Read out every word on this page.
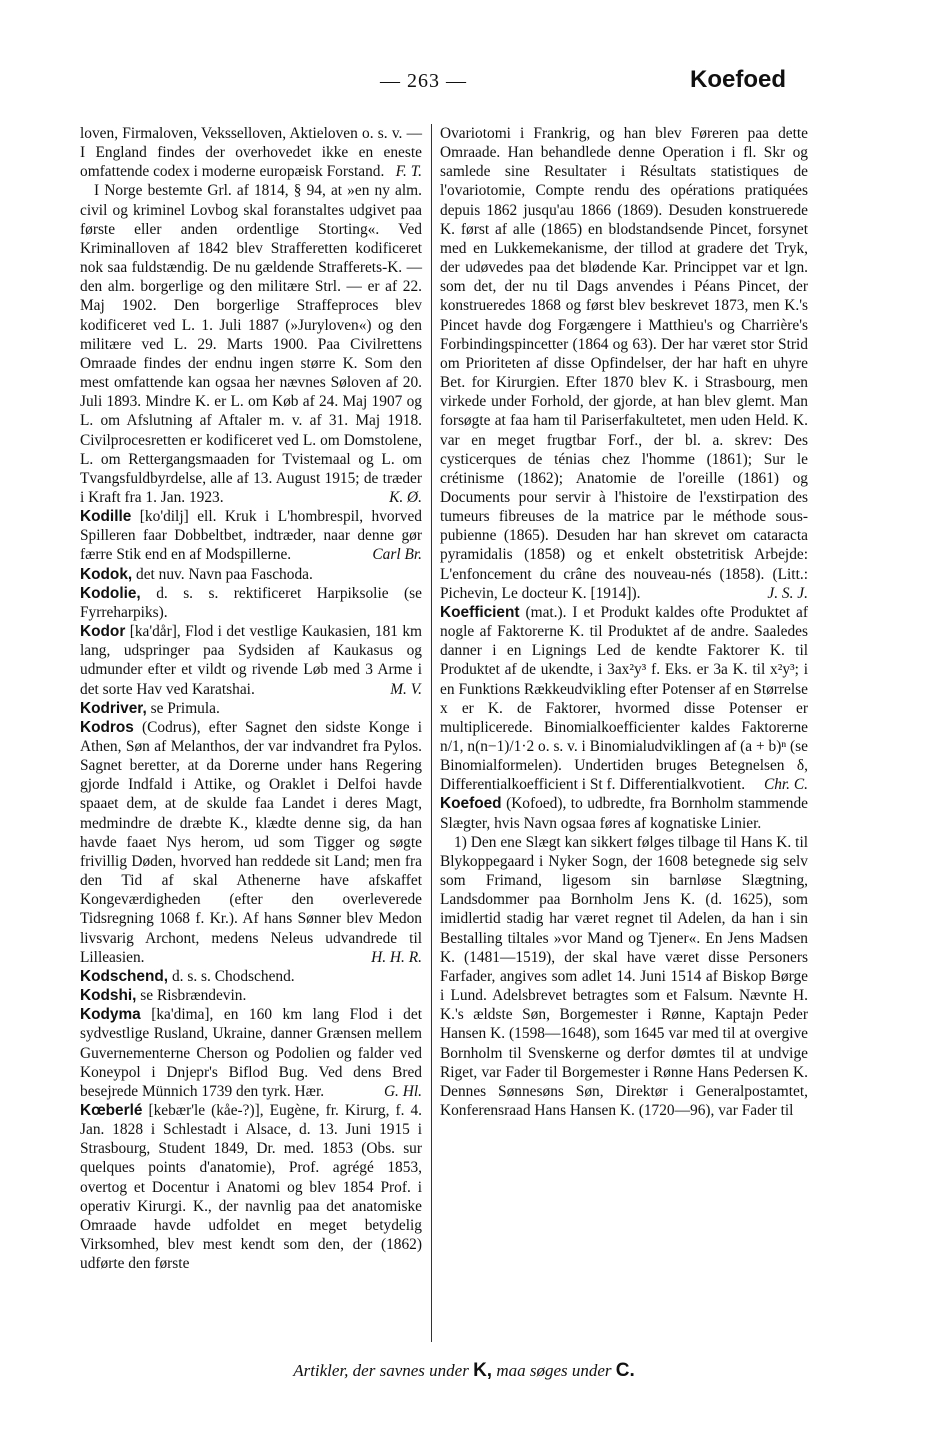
— 263 —	Koefoed

loven, Firmaloven, Veksselloven, Aktieloven o. s. v. — I England findes der overhovedet ikke en eneste omfattende codex i moderne europæisk Forstand. F. T.

I Norge bestemte Grl. af 1814, § 94, at »en ny alm. civil og kriminel Lovbog skal foranstaltes udgivet paa første eller anden ordentlige Storting«. Ved Kriminalloven af 1842 blev Strafferetten kodificeret nok saa fuldstændig. De nu gældende Strafferets-K. — den alm. borgerlige og den militære Strl. — er af 22. Maj 1902. Den borgerlige Straffeproces blev kodificeret ved L. 1. Juli 1887 (»Juryloven«) og den militære ved L. 29. Marts 1900. Paa Civilrettens Omraade findes der endnu ingen større K. Som den mest omfattende kan ogsaa her nævnes Søloven af 20. Juli 1893. Mindre K. er L. om Køb af 24. Maj 1907 og L. om Afslutning af Aftaler m. v. af 31. Maj 1918. Civilprocesretten er kodificeret ved L. om Domstolene, L. om Rettergangsmaaden for Tvistemaal og L. om Tvangsfuldbyrdelse, alle af 13. August 1915; de træder i Kraft fra 1. Jan. 1923.	K. Ø.

Kodille [ko'dilj] ell. Kruk i L'hombrespil, hvorved Spilleren faar Dobbeltbet, indtræder, naar denne gør færre Stik end en af Modspillerne.	Carl Br.

Kodok, det nuv. Navn paa Faschoda.

Kodolie, d. s. s. rektificeret Harpiksolie (se Fyrreharpiks).

Kodor [ka'dår], Flod i det vestlige Kaukasien, 181 km lang, udspringer paa Sydsiden af Kaukasus og udmunder efter et vildt og rivende Løb med 3 Arme i det sorte Hav ved Karatshai.	M. V.

Kodriver, se Primula.

Kodros (Codrus), efter Sagnet den sidste Konge i Athen, Søn af Melanthos, der var indvandret fra Pylos. Sagnet beretter, at da Dorerne under hans Regering gjorde Indfald i Attike, og Oraklet i Delfoi havde spaaet dem, at de skulde faa Landet i deres Magt, medmindre de dræbte K., klædte denne sig, da han havde faaet Nys herom, ud som Tigger og søgte frivillig Døden, hvorved han reddede sit Land; men fra den Tid af skal Athenerne have afskaffet Kongeværdigheden (efter den overleverede Tidsregning 1068 f. Kr.). Af hans Sønner blev Medon livsvarig Archont, medens Neleus udvandrede til Lilleasien.	H. H. R.

Kodschend, d. s. s. Chodschend.

Kodshi, se Risbrændevin.

Kodyma [ka'dima], en 160 km lang Flod i det sydvestlige Rusland, Ukraine, danner Grænsen mellem Guvernementerne Cherson og Podolien og falder ved Koneypol i Dnjepr's Biflod Bug. Ved dens Bred besejrede Münnich 1739 den tyrk. Hær.	G. Hl.

Kœberlé [kebær'le (kåe-?)], Eugène, fr. Kirurg, f. 4. Jan. 1828 i Schlestadt i Alsace, d. 13. Juni 1915 i Strasbourg, Student 1849, Dr. med. 1853 (Obs. sur quelques points d'anatomie), Prof. agrégé 1853, overtog et Docentur i Anatomi og blev 1854 Prof. i operativ Kirurgi. K., der navnlig paa det anatomiske Omraade havde udfoldet en meget betydelig Virksomhed, blev mest kendt som den, der (1862) udførte den første

Ovariotomi i Frankrig, og han blev Føreren paa dette Omraade. Han behandlede denne Operation i fl. Skr og samlede sine Resultater i Résultats statistiques de l'ovariotomie, Compte rendu des opérations pratiquées depuis 1862 jusqu'au 1866 (1869). Desuden konstruerede K. først af alle (1865) en blodstandsende Pincet, forsynet med en Lukkemekanisme, der tillod at gradere det Tryk, der udøvedes paa det blødende Kar. Princippet var et lgn. som det, der nu til Dags anvendes i Péans Pincet, der konstrueredes 1868 og først blev beskrevet 1873, men K.'s Pincet havde dog Forgængere i Matthieu's og Charrière's Forbindingspincetter (1864 og 63). Der har været stor Strid om Prioriteten af disse Opfindelser, der har haft en uhyre Bet. for Kirurgien. Efter 1870 blev K. i Strasbourg, men virkede under Forhold, der gjorde, at han blev glemt. Man forsøgte at faa ham til Pariserfakultetet, men uden Held. K. var en meget frugtbar Forf., der bl. a. skrev: Des cysticerques de ténias chez l'homme (1861); Sur le crétinisme (1862); Anatomie de l'oreille (1861) og Documents pour servir à l'histoire de l'exstirpation des tumeurs fibreuses de la matrice par le méthode sous-pubienne (1865). Desuden har han skrevet om cataracta pyramidalis (1858) og et enkelt obstetritisk Arbejde: L'enfoncement du crâne des nouveau-nés (1858). (Litt.: Pichevin, Le docteur K. [1914]).	J. S. J.

Koefficient (mat.). I et Produkt kaldes ofte Produktet af nogle af Faktorerne K. til Produktet af de andre. Saaledes danner i en Lignings Led de kendte Faktorer K. til Produktet af de ukendte, i 3ax²y³ f. Eks. er 3a K. til x²y³; i en Funktions Rækkeudvikling efter Potenser af en Størrelse x er K. de Faktorer, hvormed disse Potenser er multiplicerede. Binomialkoefficienter kaldes Faktorerne n/1, n(n−1)/1·2 o. s. v. i Binomialudviklingen af (a + b)ⁿ (se Binomialformelen). Undertiden bruges Betegnelsen δ, Differentialkoefficient i St f. Differentialkvotient.	Chr. C.

Koefoed (Kofoed), to udbredte, fra Bornholm stammende Slægter, hvis Navn ogsaa føres af kognatiske Linier.

1) Den ene Slægt kan sikkert følges tilbage til Hans K. til Blykoppegaard i Nyker Sogn, der 1608 betegnede sig selv som Frimand, ligesom sin barnløse Slægtning, Landsdommer paa Bornholm Jens K. (d. 1625), som imidlertid stadig har været regnet til Adelen, da han i sin Bestalling tiltales »vor Mand og Tjener«. En Jens Madsen K. (1481—1519), der skal have været disse Personers Farfader, angives som adlet 14. Juni 1514 af Biskop Børge i Lund. Adelsbrevet betragtes som et Falsum. Nævnte H. K.'s ældste Søn, Borgemester i Rønne, Kaptajn Peder Hansen K. (1598—1648), som 1645 var med til at overgive Bornholm til Svenskerne og derfor dømtes til at undvige Riget, var Fader til Borgemester i Rønne Hans Pedersen K. Dennes Sønnesøns Søn, Direktør i Generalpostamtet, Konferensraad Hans Hansen K. (1720—96), var Fader til

Artikler, der savnes under K, maa søges under C.
